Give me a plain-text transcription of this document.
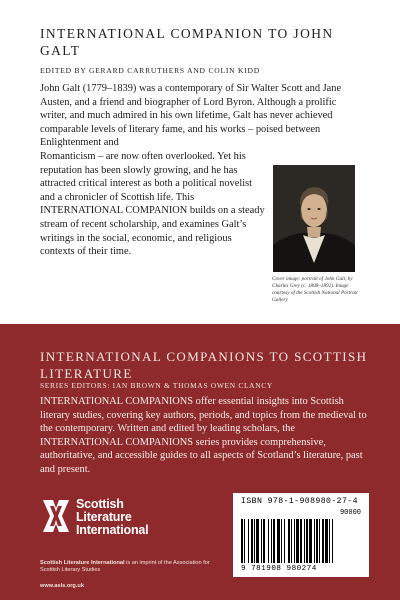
INTERNATIONAL COMPANION TO JOHN GALT
EDITED BY GERARD CARRUTHERS AND COLIN KIDD
John Galt (1779–1839) was a contemporary of Sir Walter Scott and Jane Austen, and a friend and biographer of Lord Byron. Although a prolific writer, and much admired in his own lifetime, Galt has never achieved comparable levels of literary fame, and his works – poised between Enlightenment and
Romanticism – are now often overlooked. Yet his reputation has been slowly growing, and he has attracted critical interest as both a political novelist and a chronicler of Scottish life. This INTERNATIONAL COMPANION builds on a steady stream of recent scholarship, and examines Galt’s writings in the social, economic, and religious contexts of their time.
Cover image: portrait of John Galt, by Charles Grey (c. 1808–1892). Image courtesy of the Scottish National Portrait Gallery
INTERNATIONAL COMPANIONS TO SCOTTISH LITERATURE
SERIES EDITORS: IAN BROWN & THOMAS OWEN CLANCY
INTERNATIONAL COMPANIONS offer essential insights into Scottish literary studies, covering key authors, periods, and topics from the medieval to the contemporary. Written and edited by leading scholars, the INTERNATIONAL COMPANIONS series provides comprehensive, authoritative, and accessible guides to all aspects of Scotland’s literature, past and present.
Scottish
Literature
International
Scottish Literature International is an imprint of the Association for Scottish Literary Studies
www.asls.org.uk
ISBN 978-1-908980-27-4
90000
9 781908 980274
